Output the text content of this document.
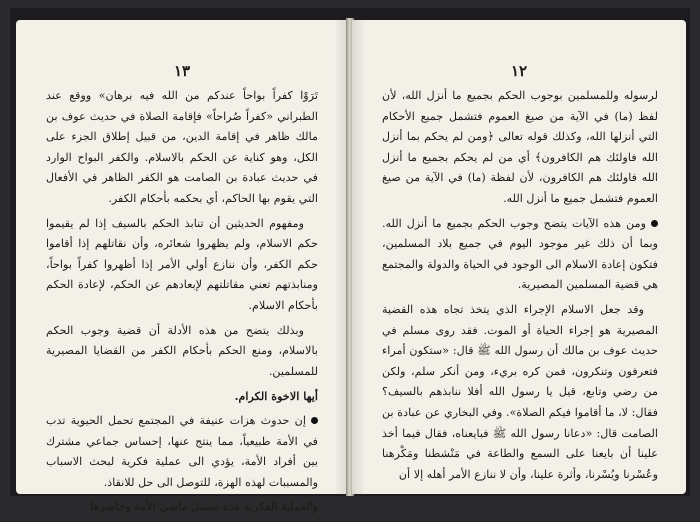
١٣

تَرَوْا كفراً بواحاً عندكم من الله فيه برهان» ووقع عند الطبراني «كفراً صُراحاً» فإقامة الصلاة في حديث عوف بن مالك ظاهر في إقامة الدين، من قبيل إطلاق الجزء على الكل، وهو كناية عن الحكم بالاسلام. والكفر البواح الوارد في حديث عبادة بن الصامت هو الكفر الظاهر في الأفعال التي يقوم بها الحاكم، أي بحكمه بأحكام الكفر.

ومفهوم الحديثين أن تنابذ الحكم بالسيف إذا لم يقيموا حكم الاسلام، ولم يظهروا شعائره، وأن نقاتلهم إذا أقاموا حكم الكفر، وأن ننازع أولي الأمر إذا أظهروا كفراً بواحاً، ومنابذتهم تعني مقاتلتهم لإبعادهم عن الحكم، لإعادة الحكم بأحكام الاسلام.

وبذلك يتضح من هذه الأدلة أن قضية وجوب الحكم بالاسلام، ومنع الحكم بأحكام الكفر من القضايا المصيرية للمسلمين.

أيها الاخوة الكرام.

إن حدوث هزات عنيفة في المجتمع تحمل الحيوية تدب في الأمة طبيعياً، مما ينتج عنها، إحساس جماعي مشترك بين أفراد الأمة، يؤدي الى عملية فكرية لبحث الاسباب والمسببات لهذه الهزة، للتوصل الى حل للانقاذ.

والعملية الفكرية هذه تشمل ماضي الأمة وحاضرها

١٢

لرسوله وللمسلمين بوجوب الحكم بجميع ما أنزل الله، لأن لفظ (ما) في الآية من صيغ العموم فتشمل جميع الأحكام التي أنزلها الله، وكذلك قوله تعالى ﴿ومن لم يحكم بما أنزل الله فاولئك هم الكافرون﴾ أي من لم يحكم بجميع ما أنزل الله فاولئك هم الكافرون، لأن لفظة (ما) في الآية من صيغ العموم فتشمل جميع ما أنزل الله.

ومن هذه الآيات يتضح وجوب الحكم بجميع ما أنزل الله. وبما أن ذلك غير موجود اليوم في جميع بلاد المسلمين، فتكون إعادة الاسلام الى الوجود في الحياة والدولة والمجتمع هي قضية المسلمين المصيرية.

وقد جعل الاسلام الإجراء الذي يتخذ تجاه هذه القضية المصيرية هو إجراء الحياة أو الموت. فقد روى مسلم في حديث عوف بن مالك أن رسول الله ﷺ قال: «ستكون أمراء فتعرفون وتنكرون، فمن كره بريء، ومن أنكر سلم، ولكن من رضي وتابع، قيل يا رسول الله أفلا ننابذهم بالسيف؟ فقال: لا، ما أقاموا فيكم الصلاة». وفي البخاري عن عبادة بن الصامت قال: «دعانا رسول الله ﷺ فبايعناه، فقال فيما أخذ علينا أن بايعنا على السمع والطاعة في مَنْشطنا ومَكْرهنا وعُسْرنا ويُسْرنا، وأثرة علينا، وأن لا ننازع الأمر أهله إلا أن
